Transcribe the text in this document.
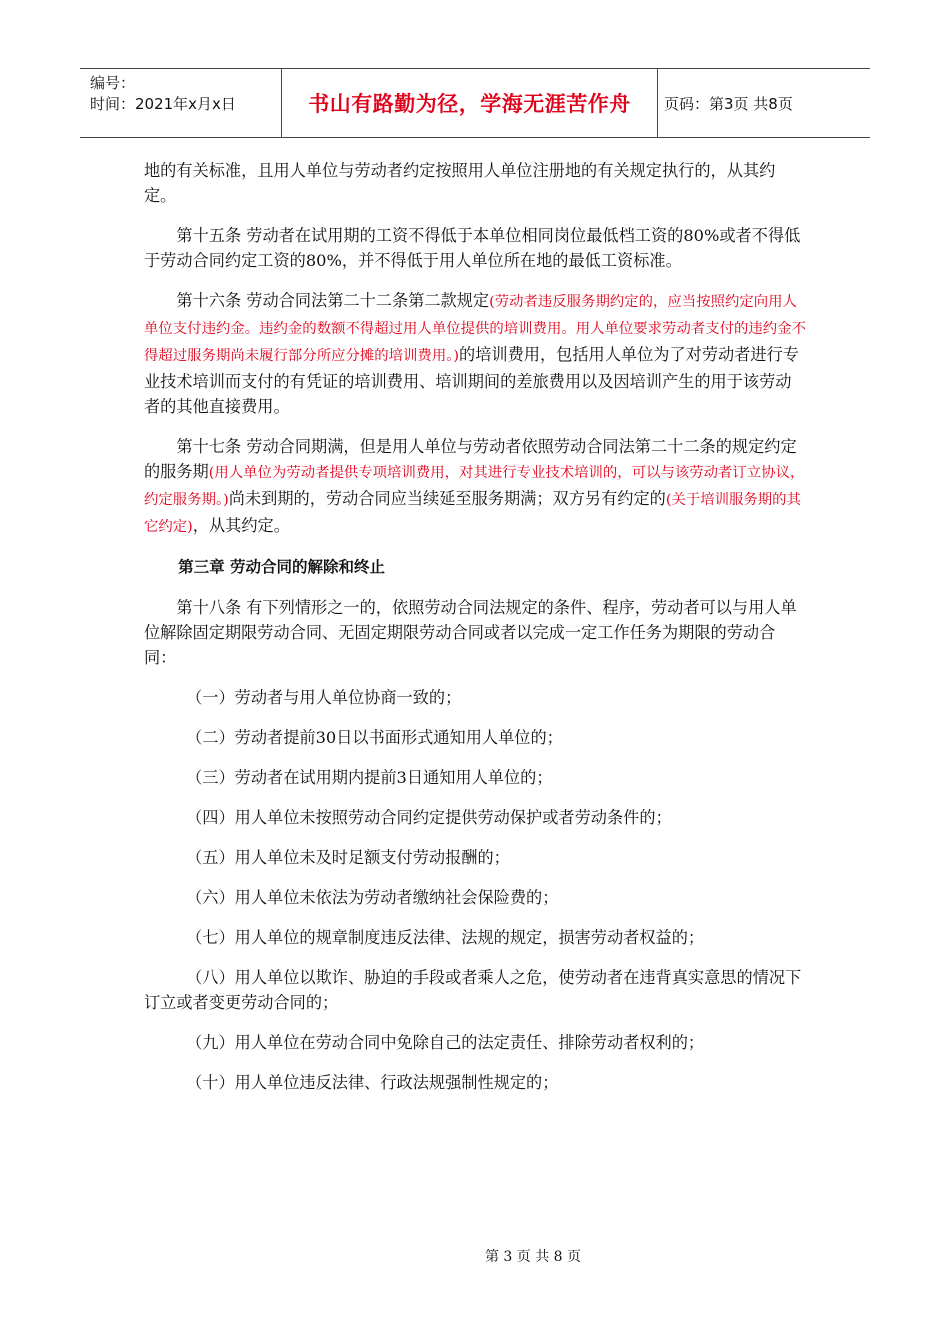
编号：
时间：2021年x月x日	书山有路勤为径，学海无涯苦作舟	页码：第3页 共8页

地的有关标准，且用人单位与劳动者约定按照用人单位注册地的有关规定执行的，从其约定。

第十五条 劳动者在试用期的工资不得低于本单位相同岗位最低档工资的80%或者不得低于劳动合同约定工资的80%，并不得低于用人单位所在地的最低工资标准。

第十六条 劳动合同法第二十二条第二款规定(劳动者违反服务期约定的，应当按照约定向用人单位支付违约金。违约金的数额不得超过用人单位提供的培训费用。用人单位要求劳动者支付的违约金不得超过服务期尚未履行部分所应分摊的培训费用。)的培训费用，包括用人单位为了对劳动者进行专业技术培训而支付的有凭证的培训费用、培训期间的差旅费用以及因培训产生的用于该劳动者的其他直接费用。

第十七条 劳动合同期满，但是用人单位与劳动者依照劳动合同法第二十二条的规定约定的服务期(用人单位为劳动者提供专项培训费用，对其进行专业技术培训的，可以与该劳动者订立协议，约定服务期。)尚未到期的，劳动合同应当续延至服务期满；双方另有约定的(关于培训服务期的其它约定)，从其约定。

第三章 劳动合同的解除和终止

第十八条 有下列情形之一的，依照劳动合同法规定的条件、程序，劳动者可以与用人单位解除固定期限劳动合同、无固定期限劳动合同或者以完成一定工作任务为期限的劳动合同：

（一）劳动者与用人单位协商一致的；

（二）劳动者提前30日以书面形式通知用人单位的；

（三）劳动者在试用期内提前3日通知用人单位的；

（四）用人单位未按照劳动合同约定提供劳动保护或者劳动条件的；

（五）用人单位未及时足额支付劳动报酬的；

（六）用人单位未依法为劳动者缴纳社会保险费的；

（七）用人单位的规章制度违反法律、法规的规定，损害劳动者权益的；

（八）用人单位以欺诈、胁迫的手段或者乘人之危，使劳动者在违背真实意思的情况下订立或者变更劳动合同的；

（九）用人单位在劳动合同中免除自己的法定责任、排除劳动者权利的；

（十）用人单位违反法律、行政法规强制性规定的；

第 3 页 共 8 页
